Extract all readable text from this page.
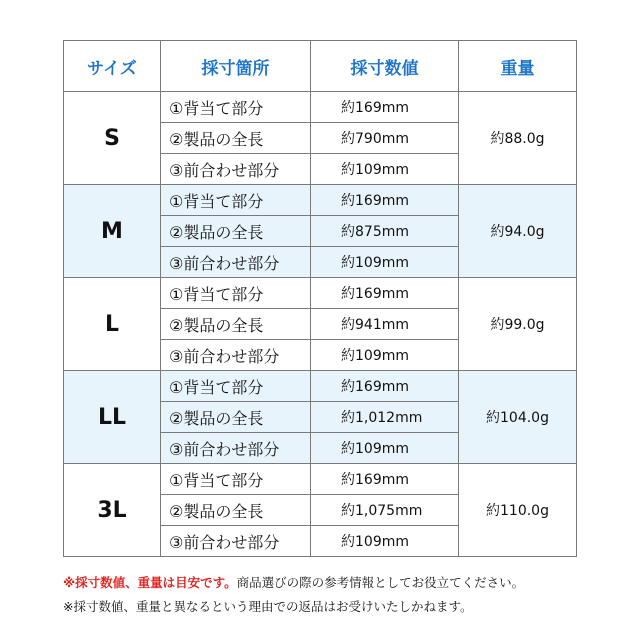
サイズ	採寸箇所	採寸数値	重量
S	①背当て部分	約169mm	約88.0g
	②製品の全長	約790mm	
	③前合わせ部分	約109mm	
M	①背当て部分	約169mm	約94.0g
	②製品の全長	約875mm	
	③前合わせ部分	約109mm	
L	①背当て部分	約169mm	約99.0g
	②製品の全長	約941mm	
	③前合わせ部分	約109mm	
LL	①背当て部分	約169mm	約104.0g
	②製品の全長	約1,012mm	
	③前合わせ部分	約109mm	
3L	①背当て部分	約169mm	約110.0g
	②製品の全長	約1,075mm	
	③前合わせ部分	約109mm	
※採寸数値、重量は目安です。商品選びの際の参考情報としてお役立てください。
※採寸数値、重量と異なるという理由での返品はお受けいたしかねます。
